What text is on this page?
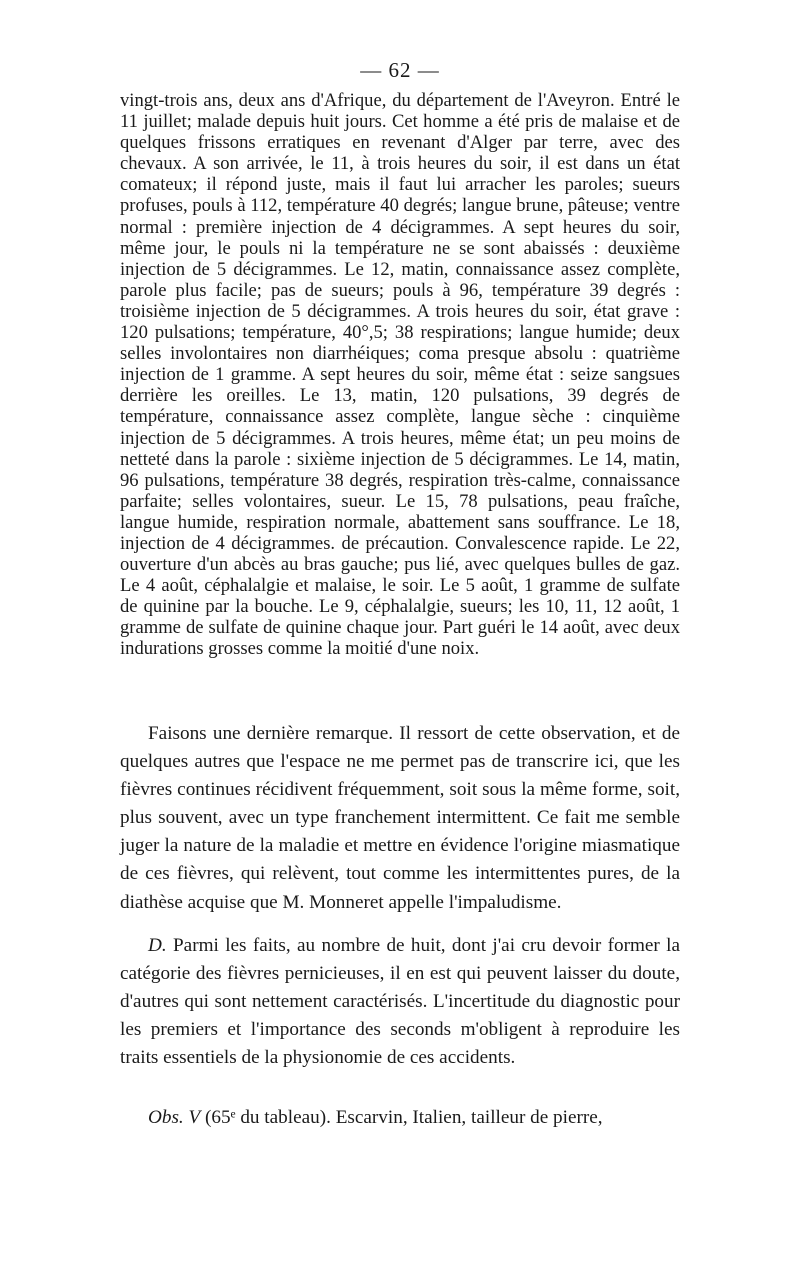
— 62 —

vingt-trois ans, deux ans d'Afrique, du département de l'Aveyron. Entré le 11 juillet; malade depuis huit jours. Cet homme a été pris de malaise et de quelques frissons erratiques en revenant d'Alger par terre, avec des chevaux. A son arrivée, le 11, à trois heures du soir, il est dans un état comateux; il répond juste, mais il faut lui arracher les paroles; sueurs profuses, pouls à 112, température 40 degrés; langue brune, pâteuse; ventre normal : première injection de 4 décigrammes. A sept heures du soir, même jour, le pouls ni la température ne se sont abaissés : deuxième injection de 5 décigrammes. Le 12, matin, connaissance assez complète, parole plus facile; pas de sueurs; pouls à 96, température 39 degrés : troisième injection de 5 décigrammes. A trois heures du soir, état grave : 120 pulsations; température, 40°,5; 38 respirations; langue humide; deux selles involontaires non diarrhéiques; coma presque absolu : quatrième injection de 1 gramme. A sept heures du soir, même état : seize sangsues derrière les oreilles. Le 13, matin, 120 pulsations, 39 degrés de température, connaissance assez complète, langue sèche : cinquième injection de 5 décigrammes. A trois heures, même état; un peu moins de netteté dans la parole : sixième injection de 5 décigrammes. Le 14, matin, 96 pulsations, température 38 degrés, respiration très-calme, connaissance parfaite; selles volontaires, sueur. Le 15, 78 pulsations, peau fraîche, langue humide, respiration normale, abattement sans souffrance. Le 18, injection de 4 décigrammes. de précaution. Convalescence rapide. Le 22, ouverture d'un abcès au bras gauche; pus lié, avec quelques bulles de gaz. Le 4 août, céphalalgie et malaise, le soir. Le 5 août, 1 gramme de sulfate de quinine par la bouche. Le 9, céphalalgie, sueurs; les 10, 11, 12 août, 1 gramme de sulfate de quinine chaque jour. Part guéri le 14 août, avec deux indurations grosses comme la moitié d'une noix.

Faisons une dernière remarque. Il ressort de cette observation, et de quelques autres que l'espace ne me permet pas de transcrire ici, que les fièvres continues récidivent fréquemment, soit sous la même forme, soit, plus souvent, avec un type franchement intermittent. Ce fait me semble juger la nature de la maladie et mettre en évidence l'origine miasmatique de ces fièvres, qui relèvent, tout comme les intermittentes pures, de la diathèse acquise que M. Monneret appelle l'impaludisme.

D. Parmi les faits, au nombre de huit, dont j'ai cru devoir former la catégorie des fièvres pernicieuses, il en est qui peuvent laisser du doute, d'autres qui sont nettement caractérisés. L'incertitude du diagnostic pour les premiers et l'importance des seconds m'obligent à reproduire les traits essentiels de la physionomie de ces accidents.

Obs. V (65ᵉ du tableau). Escarvin, Italien, tailleur de pierre,
